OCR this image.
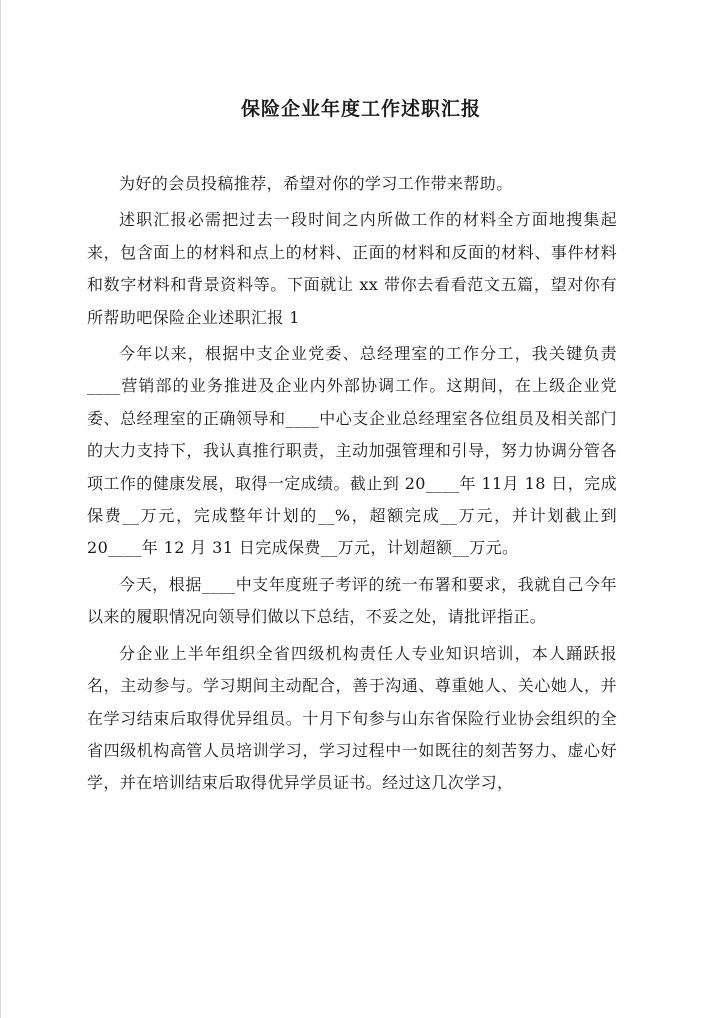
保险企业年度工作述职汇报

为好的会员投稿推荐，希望对你的学习工作带来帮助。

述职汇报必需把过去一段时间之内所做工作的材料全方面地搜集起来，包含面上的材料和点上的材料、正面的材料和反面的材料、事件材料和数字材料和背景资料等。下面就让 xx 带你去看看范文五篇，望对你有所帮助吧保险企业述职汇报 1

今年以来，根据中支企业党委、总经理室的工作分工，我关键负责____营销部的业务推进及企业内外部协调工作。这期间，在上级企业党委、总经理室的正确领导和____中心支企业总经理室各位组员及相关部门的大力支持下，我认真推行职责，主动加强管理和引导，努力协调分管各项工作的健康发展，取得一定成绩。截止到 20____年 11月 18 日，完成保费__万元，完成整年计划的__%，超额完成__万元，并计划截止到 20____年 12 月 31 日完成保费__万元，计划超额__万元。

今天，根据____中支年度班子考评的统一布署和要求，我就自己今年以来的履职情况向领导们做以下总结，不妥之处，请批评指正。

分企业上半年组织全省四级机构责任人专业知识培训，本人踊跃报名，主动参与。学习期间主动配合，善于沟通、尊重她人、关心她人，并在学习结束后取得优异组员。十月下旬参与山东省保险行业协会组织的全省四级机构高管人员培训学习，学习过程中一如既往的刻苦努力、虚心好学，并在培训结束后取得优异学员证书。经过这几次学习，
